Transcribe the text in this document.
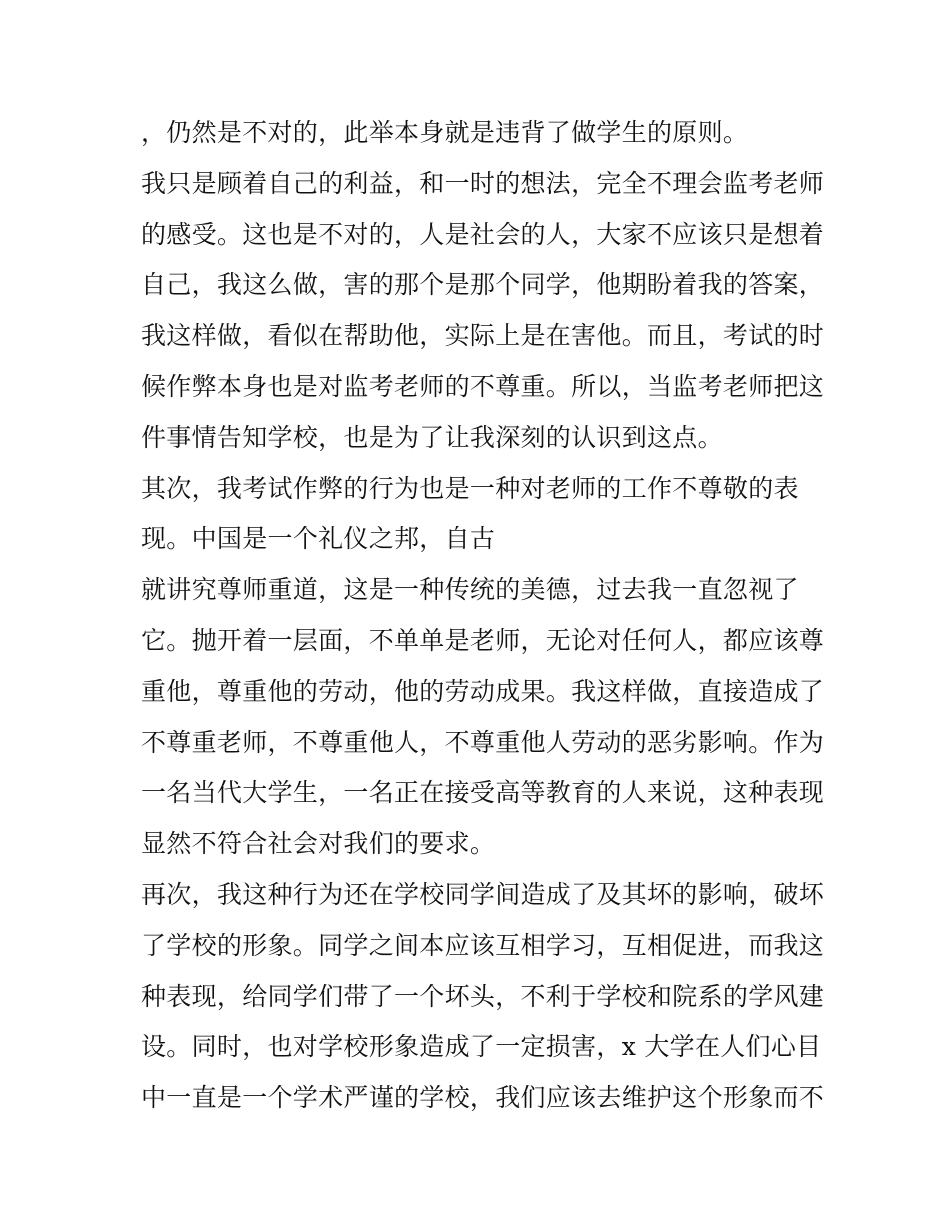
，仍然是不对的，此举本身就是违背了做学生的原则。
我只是顾着自己的利益，和一时的想法，完全不理会监考老师
的感受。这也是不对的，人是社会的人，大家不应该只是想着
自己，我这么做，害的那个是那个同学，他期盼着我的答案，
我这样做，看似在帮助他，实际上是在害他。而且，考试的时
候作弊本身也是对监考老师的不尊重。所以，当监考老师把这
件事情告知学校，也是为了让我深刻的认识到这点。
其次，我考试作弊的行为也是一种对老师的工作不尊敬的表
现。中国是一个礼仪之邦，自古
就讲究尊师重道，这是一种传统的美德，过去我一直忽视了
它。抛开着一层面，不单单是老师，无论对任何人，都应该尊
重他，尊重他的劳动，他的劳动成果。我这样做，直接造成了
不尊重老师，不尊重他人，不尊重他人劳动的恶劣影响。作为
一名当代大学生，一名正在接受高等教育的人来说，这种表现
显然不符合社会对我们的要求。
再次，我这种行为还在学校同学间造成了及其坏的影响，破坏
了学校的形象。同学之间本应该互相学习，互相促进，而我这
种表现，给同学们带了一个坏头，不利于学校和院系的学风建
设。同时，也对学校形象造成了一定损害，x 大学在人们心目
中一直是一个学术严谨的学校，我们应该去维护这个形象而不
